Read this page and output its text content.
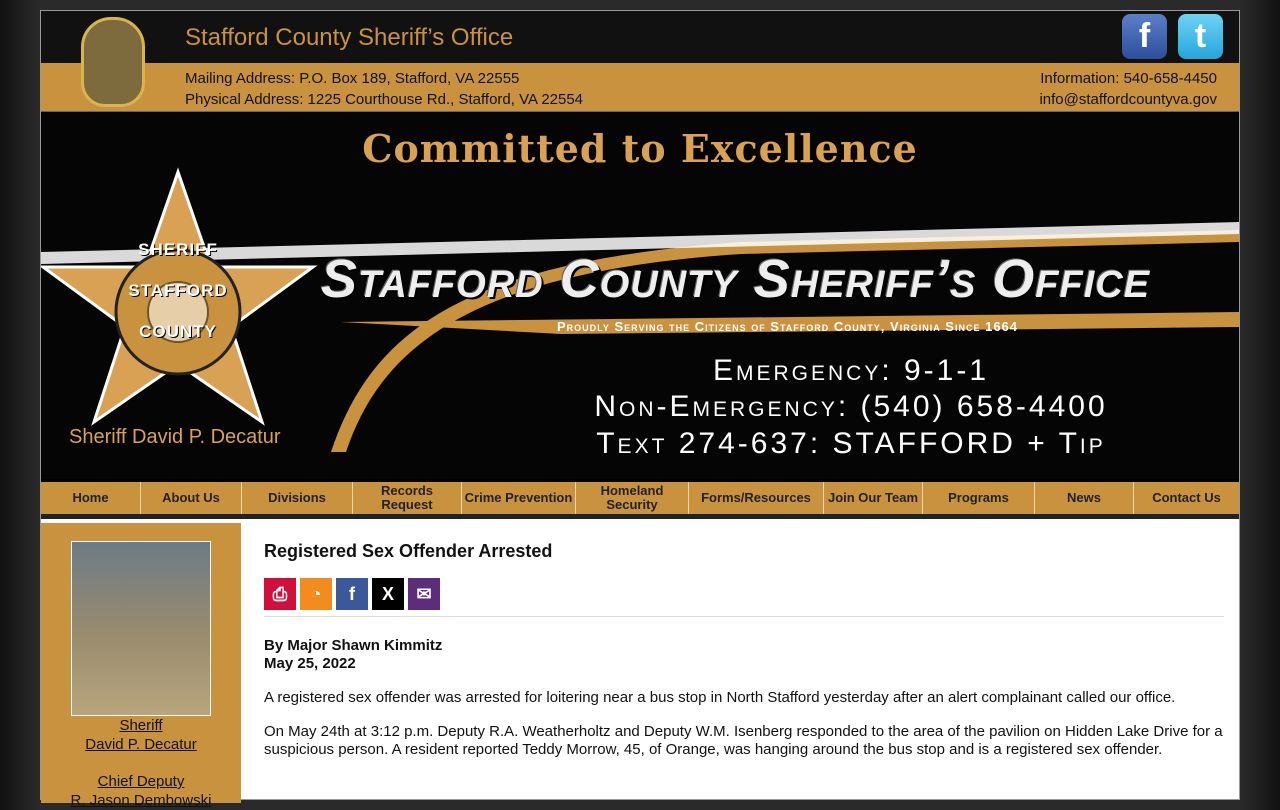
Stafford County Sheriff’s Office
Mailing Address: P.O. Box 189, Stafford, VA 22555
Physical Address: 1225 Courthouse Rd., Stafford, VA 22554
Information: 540-658-4450
info@staffordcountyva.gov
f	t
SHERIFF STAFFORD COUNTY
Committed to Excellence
Stafford County Sheriff’s Office
Proudly Serving the Citizens of Stafford County, Virginia Since 1664
Emergency: 9-1-1
Non-Emergency: (540) 658-4400
Text 274-637: STAFFORD + Tip
Sheriff David P. Decatur
Home	About Us	Divisions	Records Request	Crime Prevention	Homeland Security	Forms/Resources	Join Our Team	Programs	News	Contact Us
Sheriff
David P. Decatur
Chief Deputy
R. Jason Dembowski
Registered Sex Offender Arrested
⎙	◔	f	X	✉

By Major Shawn Kimmitz
May 25, 2022

A registered sex offender was arrested for loitering near a bus stop in North Stafford yesterday after an alert complainant called our office.

On May 24th at 3:12 p.m. Deputy R.A. Weatherholtz and Deputy W.M. Isenberg responded to the area of the pavilion on Hidden Lake Drive for a suspicious person. A resident reported Teddy Morrow, 45, of Orange, was hanging around the bus stop and is a registered sex offender.
